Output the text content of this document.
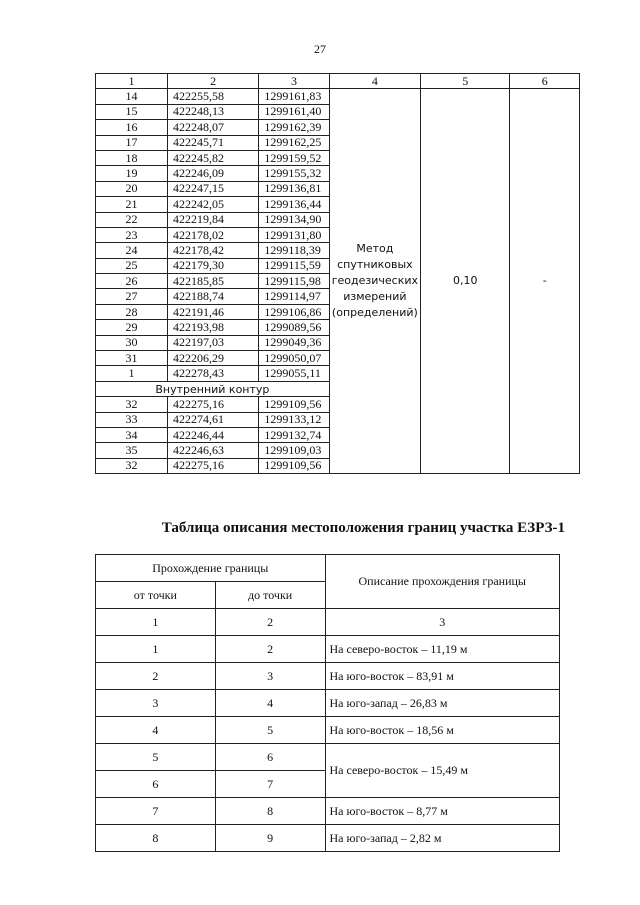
27
1	2	3	4	5	6
14	422255,58	1299161,83	Метод спутниковых геодезических измерений (определений)	0,10	-
15	422248,13	1299161,40			
16	422248,07	1299162,39			
17	422245,71	1299162,25			
18	422245,82	1299159,52			
19	422246,09	1299155,32			
20	422247,15	1299136,81			
21	422242,05	1299136,44			
22	422219,84	1299134,90			
23	422178,02	1299131,80			
24	422178,42	1299118,39			
25	422179,30	1299115,59			
26	422185,85	1299115,98			
27	422188,74	1299114,97			
28	422191,46	1299106,86			
29	422193,98	1299089,56			
30	422197,03	1299049,36			
31	422206,29	1299050,07			
1	422278,43	1299055,11			
Внутренний контур					
32	422275,16	1299109,56			
33	422274,61	1299133,12			
34	422246,44	1299132,74			
35	422246,63	1299109,03			
32	422275,16	1299109,56			
Таблица описания местоположения границ участка ЕЗРЗ-1
Прохождение границы		Описание прохождения границы
от точки	до точки	
1	2	3
1	2	На северо-восток – 11,19 м
2	3	На юго-восток – 83,91 м
3	4	На юго-запад – 26,83 м
4	5	На юго-восток – 18,56 м
5	6	На северо-восток – 15,49 м
6	7	
7	8	На юго-восток – 8,77 м
8	9	На юго-запад – 2,82 м
